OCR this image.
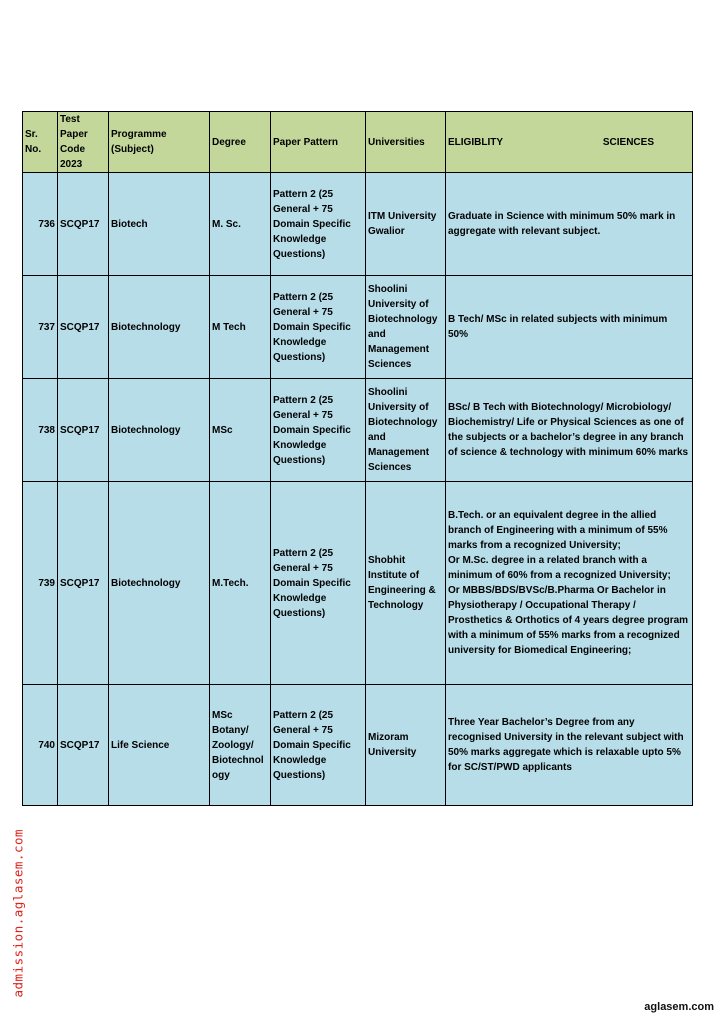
Sr. No.	Test Paper Code 2023	Programme (Subject)	Degree	Paper Pattern	Universities	ELIGIBLITY SCIENCES

736	SCQP17	Biotech	M. Sc.	Pattern 2 (25 General + 75 Domain Specific Knowledge Questions)	ITM University Gwalior	Graduate in Science with minimum 50% mark in aggregate with relevant subject.
737	SCQP17	Biotechnology	M Tech	Pattern 2 (25 General + 75 Domain Specific Knowledge Questions)	Shoolini University of Biotechnology and Management Sciences	B Tech/ MSc in related subjects with minimum 50%
738	SCQP17	Biotechnology	MSc	Pattern 2 (25 General + 75 Domain Specific Knowledge Questions)	Shoolini University of Biotechnology and Management Sciences	BSc/ B Tech with Biotechnology/ Microbiology/ Biochemistry/ Life or Physical Sciences as one of the subjects or a bachelor’s degree in any branch of science & technology with minimum 60% marks
739	SCQP17	Biotechnology	M.Tech.	Pattern 2 (25 General + 75 Domain Specific Knowledge Questions)	Shobhit Institute of Engineering & Technology	B.Tech. or an equivalent degree in the allied branch of Engineering with a minimum of 55% marks from a recognized University;
Or M.Sc. degree in a related branch with a minimum of 60% from a recognized University;
Or MBBS/BDS/BVSc/B.Pharma Or Bachelor in Physiotherapy / Occupational Therapy / Prosthetics & Orthotics of 4 years degree program with a minimum of 55% marks from a recognized university for Biomedical Engineering;
740	SCQP17	Life Science	MSc Botany/ Zoology/ Biotechnology	Pattern 2 (25 General + 75 Domain Specific Knowledge Questions)	Mizoram University	Three Year Bachelor’s Degree from any recognised University in the relevant subject with 50% marks aggregate which is relaxable upto 5% for SC/ST/PWD applicants
admission.aglasem.com
aglasem.com
